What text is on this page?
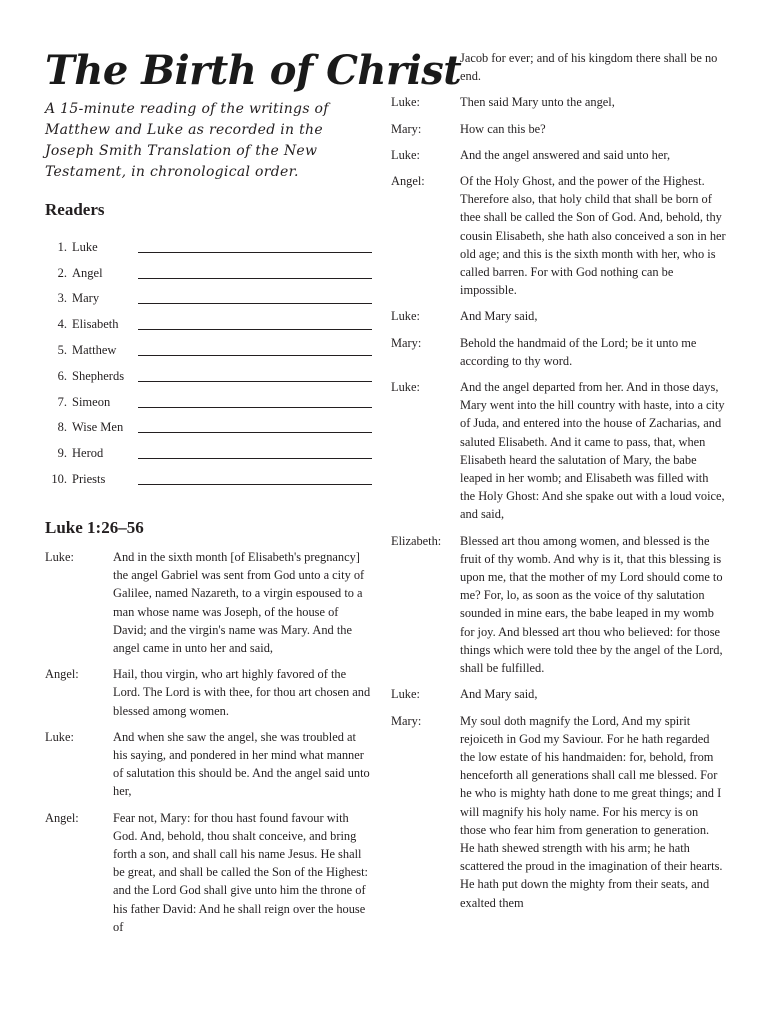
The Birth of Christ

A 15-minute reading of the writings of Matthew and Luke as recorded in the Joseph Smith Translation of the New Testament, in chronological order.

Readers
1. Luke
2. Angel
3. Mary
4. Elisabeth
5. Matthew
6. Shepherds
7. Simeon
8. Wise Men
9. Herod
10. Priests
Luke 1:26–56
Luke:	And in the sixth month [of Elisabeth's pregnancy] the angel Gabriel was sent from God unto a city of Galilee, named Nazareth, to a virgin espoused to a man whose name was Joseph, of the house of David; and the virgin's name was Mary. And the angel came in unto her and said,
Angel:	Hail, thou virgin, who art highly favored of the Lord. The Lord is with thee, for thou art chosen and blessed among women.
Luke:	And when she saw the angel, she was troubled at his saying, and pondered in her mind what manner of salutation this should be. And the angel said unto her,
Angel:	Fear not, Mary: for thou hast found favour with God. And, behold, thou shalt conceive, and bring forth a son, and shall call his name Jesus. He shall be great, and shall be called the Son of the Highest: and the Lord God shall give unto him the throne of his father David: And he shall reign over the house of
Jacob for ever; and of his kingdom there shall be no end.
Luke:	Then said Mary unto the angel,
Mary:	How can this be?
Luke:	And the angel answered and said unto her,
Angel:	Of the Holy Ghost, and the power of the Highest. Therefore also, that holy child that shall be born of thee shall be called the Son of God. And, behold, thy cousin Elisabeth, she hath also conceived a son in her old age; and this is the sixth month with her, who is called barren. For with God nothing can be impossible.
Luke:	And Mary said,
Mary:	Behold the handmaid of the Lord; be it unto me according to thy word.
Luke:	And the angel departed from her. And in those days, Mary went into the hill country with haste, into a city of Juda, and entered into the house of Zacharias, and saluted Elisabeth. And it came to pass, that, when Elisabeth heard the salutation of Mary, the babe leaped in her womb; and Elisabeth was filled with the Holy Ghost: And she spake out with a loud voice, and said,
Elizabeth:	Blessed art thou among women, and blessed is the fruit of thy womb. And why is it, that this blessing is upon me, that the mother of my Lord should come to me? For, lo, as soon as the voice of thy salutation sounded in mine ears, the babe leaped in my womb for joy. And blessed art thou who believed: for those things which were told thee by the angel of the Lord, shall be fulfilled.
Luke:	And Mary said,
Mary:	My soul doth magnify the Lord, And my spirit rejoiceth in God my Saviour. For he hath regarded the low estate of his handmaiden: for, behold, from henceforth all generations shall call me blessed. For he who is mighty hath done to me great things; and I will magnify his holy name. For his mercy is on those who fear him from generation to generation. He hath shewed strength with his arm; he hath scattered the proud in the imagination of their hearts. He hath put down the mighty from their seats, and exalted them
